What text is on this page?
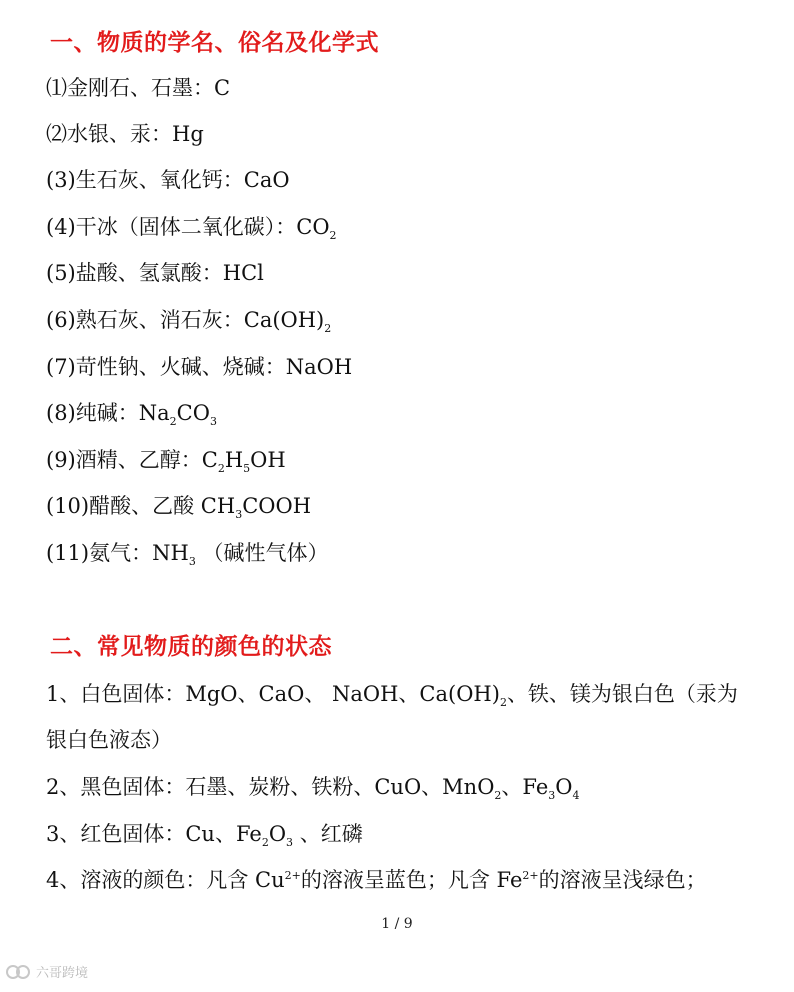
一、物质的学名、俗名及化学式
⑴金刚石、石墨：C
⑵水银、汞：Hg
(3)生石灰、氧化钙：CaO
(4)干冰（固体二氧化碳）：$CO_2$
(5)盐酸、氢氯酸：HCl
(6)熟石灰、消石灰：$Ca(OH)_2$
(7)苛性钠、火碱、烧碱：NaOH
(8)纯碱：$Na_2CO_3$
(9)酒精、乙醇：$C_2H_5OH$
(10)醋酸、乙酸 $CH_3COOH$
(11)氨气：$NH_3$ （碱性气体）
二、常见物质的颜色的状态
1、白色固体：MgO、CaO、 NaOH、$Ca(OH)_2$、铁、镁为银白色（汞为
银白色液态）
2、黑色固体：石墨、炭粉、铁粉、CuO、MnO$_2$、$Fe_3O_4$
3、红色固体：Cu、$Fe_2O_3$ 、红磷
4、溶液的颜色：凡含 $Cu^{2+}$的溶液呈蓝色；凡含 $Fe^{2+}$的溶液呈浅绿色；
1 / 9
六哥跨境
